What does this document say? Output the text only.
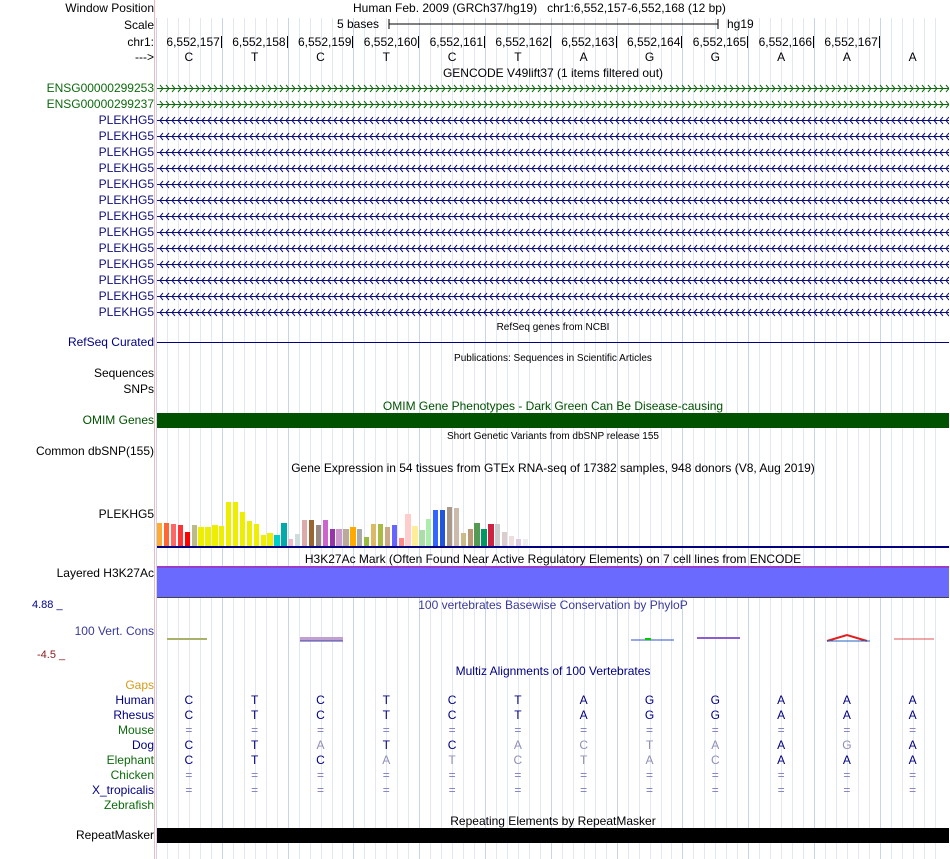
Window Position	Human Feb. 2009 (GRCh37/hg19) chr1:6,552,157-6,552,168 (12 bp)
Scale	5 bases	hg19
chr1:	6,552,157	6,552,158	6,552,159	6,552,160	6,552,161	6,552,162	6,552,163	6,552,164	6,552,165	6,552,166	6,552,167
--->	C	T	C	T	C	T	A	G	G	A	A	A
GENCODE V49lift37 (1 items filtered out)
ENSG00000299253
ENSG00000299237
PLEKHG5
PLEKHG5
PLEKHG5
PLEKHG5
PLEKHG5
PLEKHG5
PLEKHG5
PLEKHG5
PLEKHG5
PLEKHG5
PLEKHG5
PLEKHG5
PLEKHG5
RefSeq genes from NCBI
RefSeq Curated
Publications: Sequences in Scientific Articles
Sequences
SNPs
OMIM Gene Phenotypes - Dark Green Can Be Disease-causing
OMIM Genes
Short Genetic Variants from dbSNP release 155
Common dbSNP(155)
Gene Expression in 54 tissues from GTEx RNA-seq of 17382 samples, 948 donors (V8, Aug 2019)
PLEKHG5
H3K27Ac Mark (Often Found Near Active Regulatory Elements) on 7 cell lines from ENCODE
Layered H3K27Ac
4.88 _	100 vertebrates Basewise Conservation by PhyloP
100 Vert. Cons
-4.5 _
Multiz Alignments of 100 Vertebrates
Gaps
Human	C	T	C	T	C	T	A	G	G	A	A	A
Rhesus	C	T	C	T	C	T	A	G	G	A	A	A
Mouse	=	=	=	=	=	=	=	=	=	=	=	=
Dog	C	T	A	T	C	A	C	T	A	A	G	A
Elephant	C	T	C	A	T	C	T	A	C	A	A	A
Chicken	=	=	=	=	=	=	=	=	=	=	=	=
X_tropicalis	=	=	=	=	=	=	=	=	=	=	=	=
Zebrafish
Repeating Elements by RepeatMasker
RepeatMasker
